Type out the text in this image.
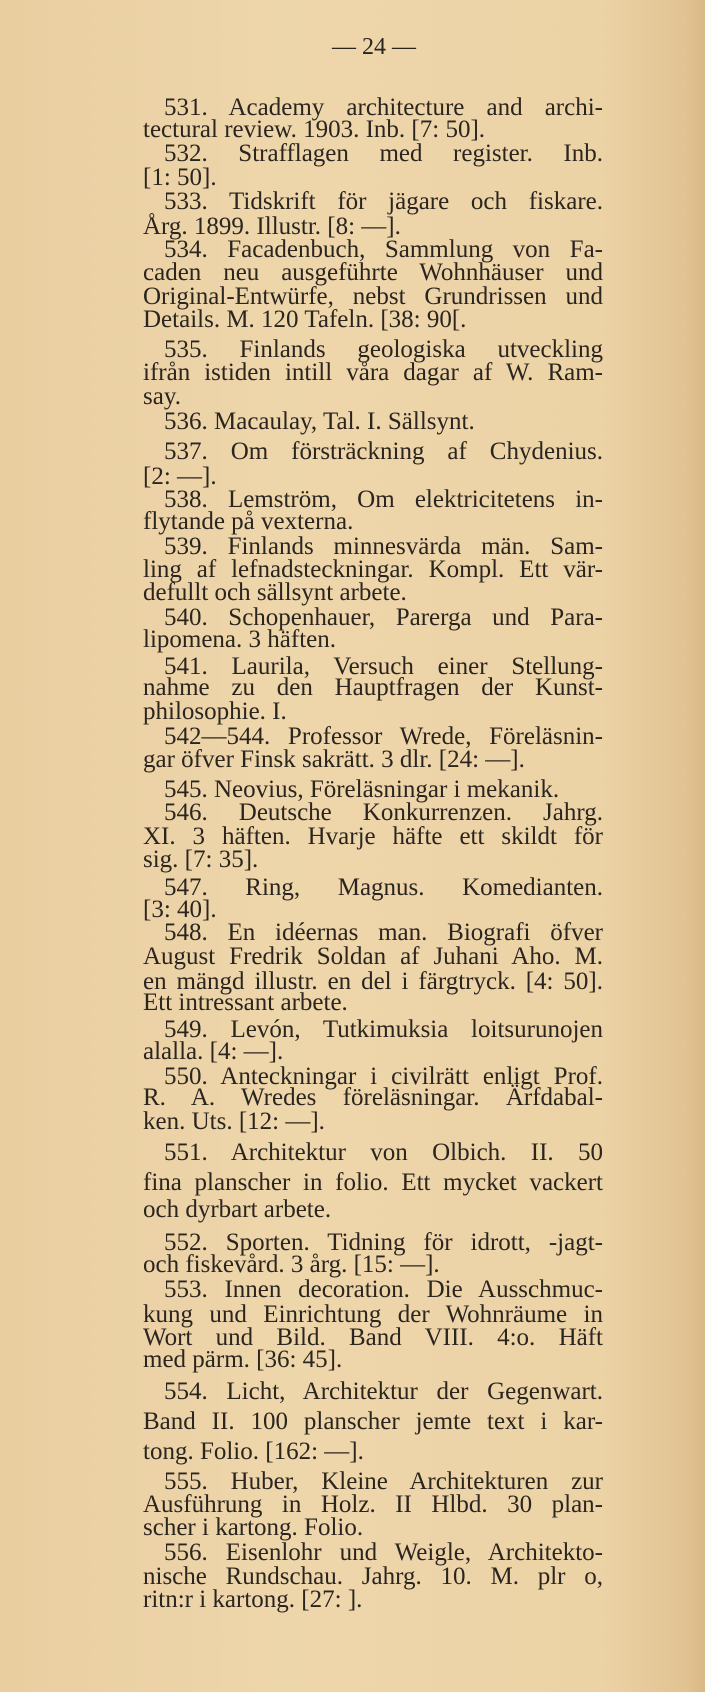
— 24 —
531. Academy architecture and archi-
tectural review. 1903. Inb. [7: 50].
532. Strafflagen med register. Inb.
[1: 50].
533. Tidskrift för jägare och fiskare.
Årg. 1899. Illustr. [8: —].
534. Facadenbuch, Sammlung von Fa-
caden neu ausgeführte Wohnhäuser und
Original-Entwürfe, nebst Grundrissen und
Details. M. 120 Tafeln. [38: 90[.
535. Finlands geologiska utveckling
ifrån istiden intill våra dagar af W. Ram-
say.
536. Macaulay, Tal. I. Sällsynt.
537. Om försträckning af Chydenius.
[2: —].
538. Lemström, Om elektricitetens in-
flytande på vexterna.
539. Finlands minnesvärda män. Sam-
ling af lefnadsteckningar. Kompl. Ett vär-
defullt och sällsynt arbete.
540. Schopenhauer, Parerga und Para-
lipomena. 3 häften.
541. Laurila, Versuch einer Stellung-
nahme zu den Hauptfragen der Kunst-
philosophie. I.
542—544. Professor Wrede, Föreläsnin-
gar öfver Finsk sakrätt. 3 dlr. [24: —].
545. Neovius, Föreläsningar i mekanik.
546. Deutsche Konkurrenzen. Jahrg.
XI. 3 häften. Hvarje häfte ett skildt för
sig. [7: 35].
547. Ring, Magnus. Komedianten.
[3: 40].
548. En idéernas man. Biografi öfver
August Fredrik Soldan af Juhani Aho. M.
en mängd illustr. en del i färgtryck. [4: 50].
Ett intressant arbete.
549. Levón, Tutkimuksia loitsurunojen
alalla. [4: —].
550. Anteckningar i civilrätt enligt Prof.
R. A. Wredes föreläsningar. Ärfdabal-
ken. Uts. [12: —].
551. Architektur von Olbich. II. 50
fina planscher in folio. Ett mycket vackert
och dyrbart arbete.
552. Sporten. Tidning för idrott, -jagt-
och fiskevård. 3 årg. [15: —].
553. Innen decoration. Die Ausschmuc-
kung und Einrichtung der Wohnräume in
Wort und Bild. Band VIII. 4:o. Häft
med pärm. [36: 45].
554. Licht, Architektur der Gegenwart.
Band II. 100 planscher jemte text i kar-
tong. Folio. [162: —].
555. Huber, Kleine Architekturen zur
Ausführung in Holz. II Hlbd. 30 plan-
scher i kartong. Folio.
556. Eisenlohr und Weigle, Architekto-
nische Rundschau. Jahrg. 10. M. plr o,
ritn:r i kartong. [27: ].
